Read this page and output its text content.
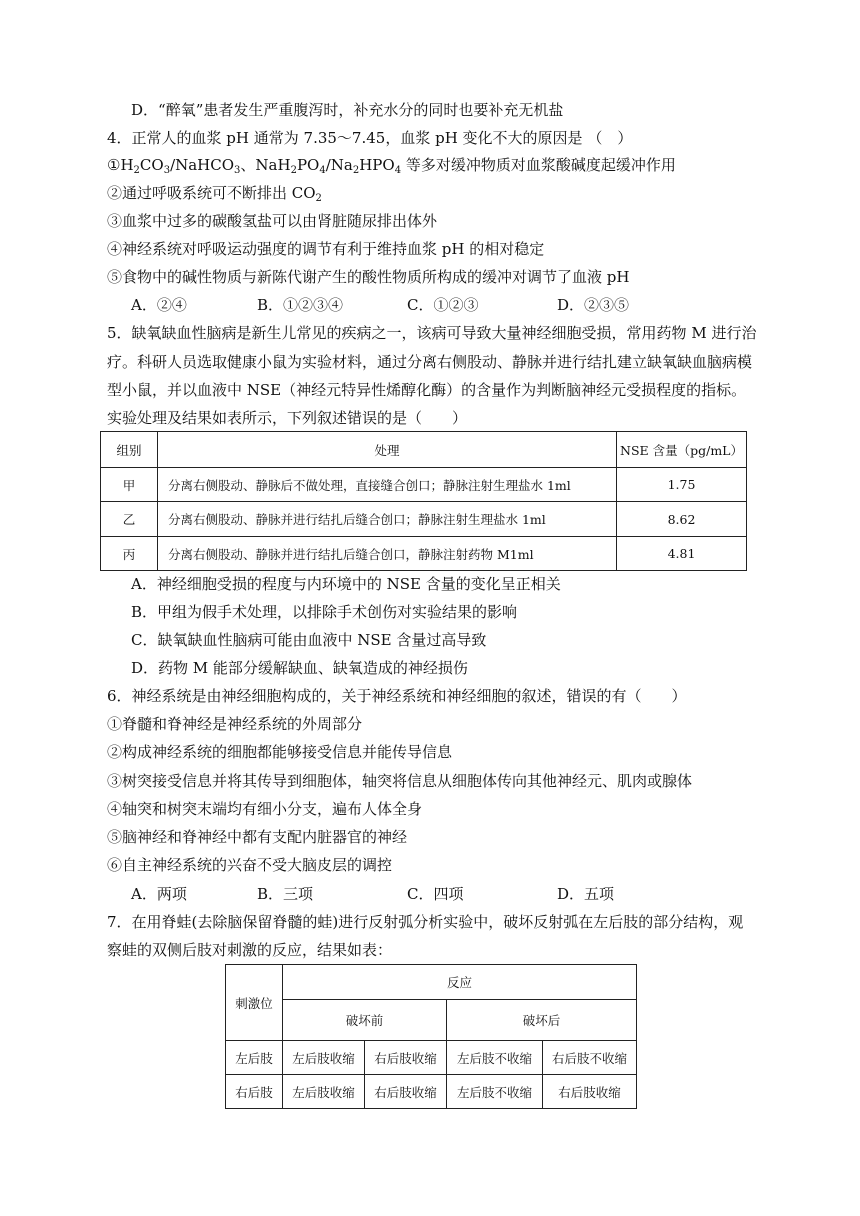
D．“醉氧”患者发生严重腹泻时，补充水分的同时也要补充无机盐
4．正常人的血浆 pH 通常为 7.35～7.45，血浆 pH 变化不大的原因是 （　）
$①H_2CO_3/NaHCO_3$、$NaH_2PO_4/Na_2HPO_4$ 等多对缓冲物质对血浆酸碱度起缓冲作用
②通过呼吸系统可不断排出 $CO_2$
③血浆中过多的碳酸氢盐可以由肾脏随尿排出体外
④神经系统对呼吸运动强度的调节有利于维持血浆 pH 的相对稳定
⑤食物中的碱性物质与新陈代谢产生的酸性物质所构成的缓冲对调节了血液 pH
A．②④	B．①②③④	C．①②③	D．②③⑤
5．缺氧缺血性脑病是新生儿常见的疾病之一，该病可导致大量神经细胞受损，常用药物 M 进行治
疗。科研人员选取健康小鼠为实验材料，通过分离右侧股动、静脉并进行结扎建立缺氧缺血脑病模
型小鼠，并以血液中 NSE（神经元特异性烯醇化酶）的含量作为判断脑神经元受损程度的指标。
实验处理及结果如表所示，下列叙述错误的是（　　）
组别	处理	NSE 含量（pg/mL）
甲	分离右侧股动、静脉后不做处理，直接缝合创口；静脉注射生理盐水 1ml	1.75
乙	分离右侧股动、静脉并进行结扎后缝合创口；静脉注射生理盐水 1ml	8.62
丙	分离右侧股动、静脉并进行结扎后缝合创口，静脉注射药物 M1ml	4.81
A．神经细胞受损的程度与内环境中的 NSE 含量的变化呈正相关
B．甲组为假手术处理，以排除手术创伤对实验结果的影响
C．缺氧缺血性脑病可能由血液中 NSE 含量过高导致
D．药物 M 能部分缓解缺血、缺氧造成的神经损伤
6．神经系统是由神经细胞构成的，关于神经系统和神经细胞的叙述，错误的有（　　）
①脊髓和脊神经是神经系统的外周部分
②构成神经系统的细胞都能够接受信息并能传导信息
③树突接受信息并将其传导到细胞体，轴突将信息从细胞体传向其他神经元、肌肉或腺体
④轴突和树突末端均有细小分支，遍布人体全身
⑤脑神经和脊神经中都有支配内脏器官的神经
⑥自主神经系统的兴奋不受大脑皮层的调控
A．两项	B．三项	C．四项	D．五项
7．在用脊蛙(去除脑保留脊髓的蛙)进行反射弧分析实验中，破坏反射弧在左后肢的部分结构，观
察蛙的双侧后肢对刺激的反应，结果如表：
刺激位	反应			
	破坏前		破坏后	
左后肢	左后肢收缩	右后肢收缩	左后肢不收缩	右后肢不收缩
右后肢	左后肢收缩	右后肢收缩	左后肢不收缩	右后肢收缩
